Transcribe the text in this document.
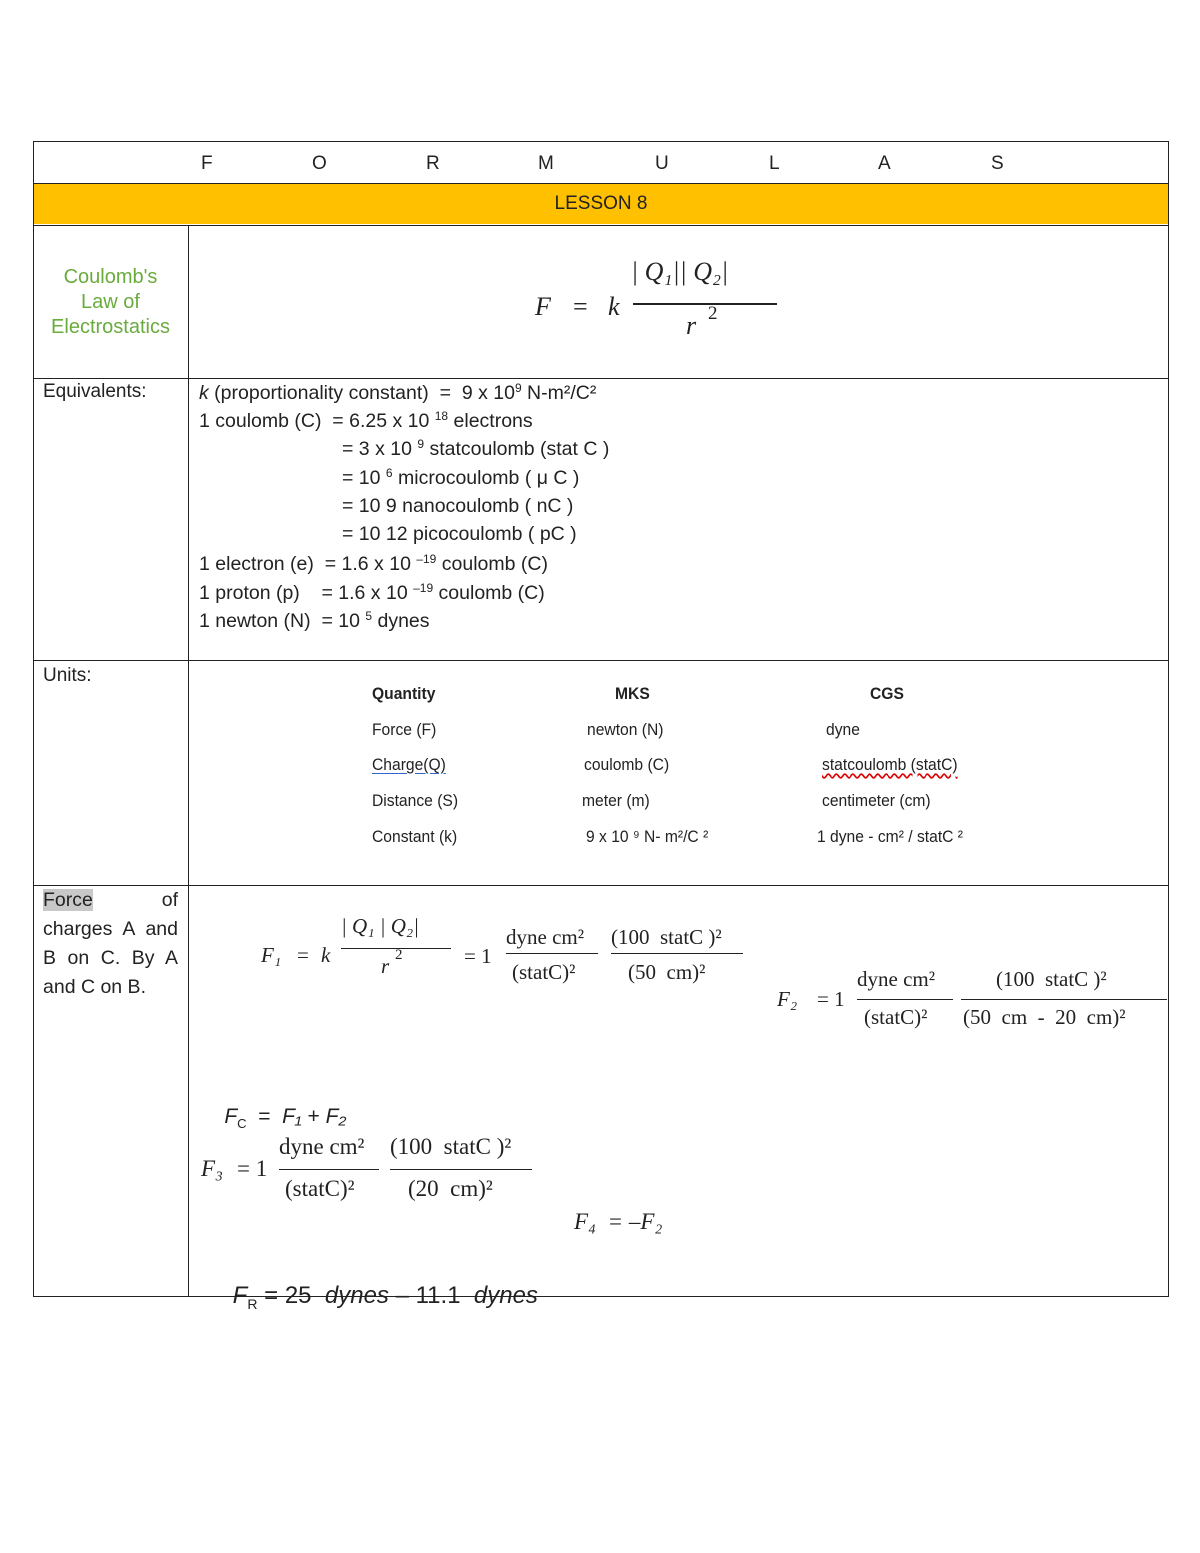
F	O	R	M	U	L	A	S
LESSON 8
Coulomb's
Law of
Electrostatics
F = k
| Q₁|| Q₂|
r 2
Equivalents:	k (proportionality constant)  =  9 x $10^9$ N-m²/C²
1 coulomb (C)  = 6.25 x 10 $^{18}$ electrons
= 3 x 10 $^9$ statcoulomb (stat C )
= 10 $^6$ microcoulomb ( μ C )
= 10 9 nanocoulomb ( nC )
= 10 12 picocoulomb ( pC )
1 electron (e)  = 1.6 x 10 $^{-19}$ coulomb (C)
1 proton (p)    = 1.6 x 10 $^{-19}$ coulomb (C)
1 newton (N)  = 10 $^5$ dynes
Units:
Quantity	MKS	CGS
Force (F)	newton (N)	dyne
Charge(Q)	coulomb (C)	statcoulomb (statC)
Distance (S)	meter (m)	centimeter (cm)
Constant (k)	9 x 10 ⁹ N- m²/C ²	1 dyne - cm² / statC ²
Force of charges A and B on C. By A and C on B.
F₁ = k
| Q₁ | Q₂|
r 2	= 1
dyne cm²
(statC)²
(100  statC )²
(50  cm)²
F₂ = 1
dyne cm²
(statC)²
(100  statC )²
(50  cm  -  20  cm)²

$F_C = F_1 + F_2$

F₃ = 1
dyne cm²
(statC)²
(100  statC )²
(20  cm)²

F₄ = –F₂

$F_R = 25$ dynes – 11.1 dynes
